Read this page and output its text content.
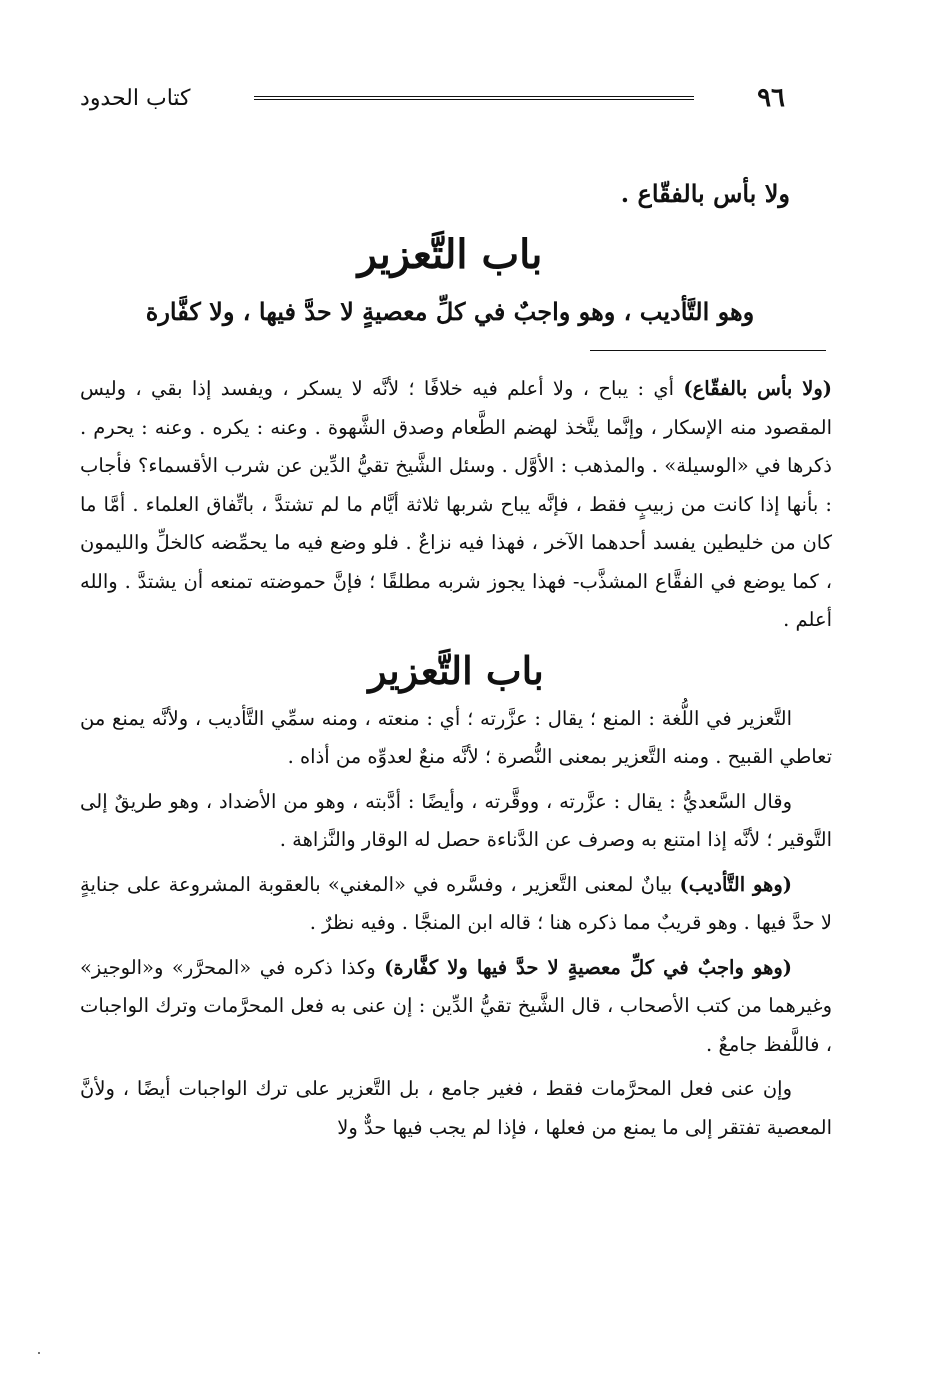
٩٦
كتاب الحدود

ولا بأس بالفقّاع .

باب التَّعزير

وهو التَّأديب ، وهو واجبٌ في كلِّ معصيةٍ لا حدَّ فيها ، ولا كفَّارة

(ولا بأس بالفقّاع) أي : يباح ، ولا أعلم فيه خلافًا ؛ لأنَّه لا يسكر ، ويفسد إذا بقي ، وليس المقصود منه الإسكار ، وإنَّما يتَّخذ لهضم الطَّعام وصدق الشَّهوة . وعنه : يكره . وعنه : يحرم . ذكرها في «الوسيلة» . والمذهب : الأوَّل . وسئل الشَّيخ تقيُّ الدِّين عن شرب الأقسماء؟ فأجاب : بأنها إذا كانت من زبيبٍ فقط ، فإنَّه يباح شربها ثلاثة أيَّام ما لم تشتدَّ ، باتِّفاق العلماء . أمَّا ما كان من خليطين يفسد أحدهما الآخر ، فهذا فيه نزاعٌ . فلو وضع فيه ما يحمِّضه كالخلِّ والليمون ، كما يوضع في الفقَّاع المشذَّب- فهذا يجوز شربه مطلقًا ؛ فإنَّ حموضته تمنعه أن يشتدَّ . والله أعلم .

باب التَّعزير

التَّعزير في اللُّغة : المنع ؛ يقال : عزَّرته ؛ أي : منعته ، ومنه سمِّي التَّأديب ، ولأنَّه يمنع من تعاطي القبيح . ومنه التَّعزير بمعنى النُّصرة ؛ لأنَّه منعٌ لعدوِّه من أذاه .

وقال السَّعديُّ : يقال : عزَّرته ، ووقَّرته ، وأيضًا : أدَّبته ، وهو من الأضداد ، وهو طريقٌ إلى التَّوقير ؛ لأنَّه إذا امتنع به وصرف عن الدَّناءة حصل له الوقار والنَّزاهة .

(وهو التَّأديب) بيانٌ لمعنى التَّعزير ، وفسَّره في «المغني» بالعقوبة المشروعة على جنايةٍ لا حدَّ فيها . وهو قريبٌ مما ذكره هنا ؛ قاله ابن المنجَّا . وفيه نظرٌ .

(وهو واجبٌ في كلِّ معصيةٍ لا حدَّ فيها ولا كفَّارة) وكذا ذكره في «المحرَّر» و«الوجيز» وغيرهما من كتب الأصحاب ، قال الشَّيخ تقيُّ الدِّين : إن عنى به فعل المحرَّمات وترك الواجبات ، فاللَّفظ جامعٌ .

وإن عنى فعل المحرَّمات فقط ، فغير جامع ، بل التَّعزير على ترك الواجبات أيضًا ، ولأنَّ المعصية تفتقر إلى ما يمنع من فعلها ، فإذا لم يجب فيها حدٌّ ولا
